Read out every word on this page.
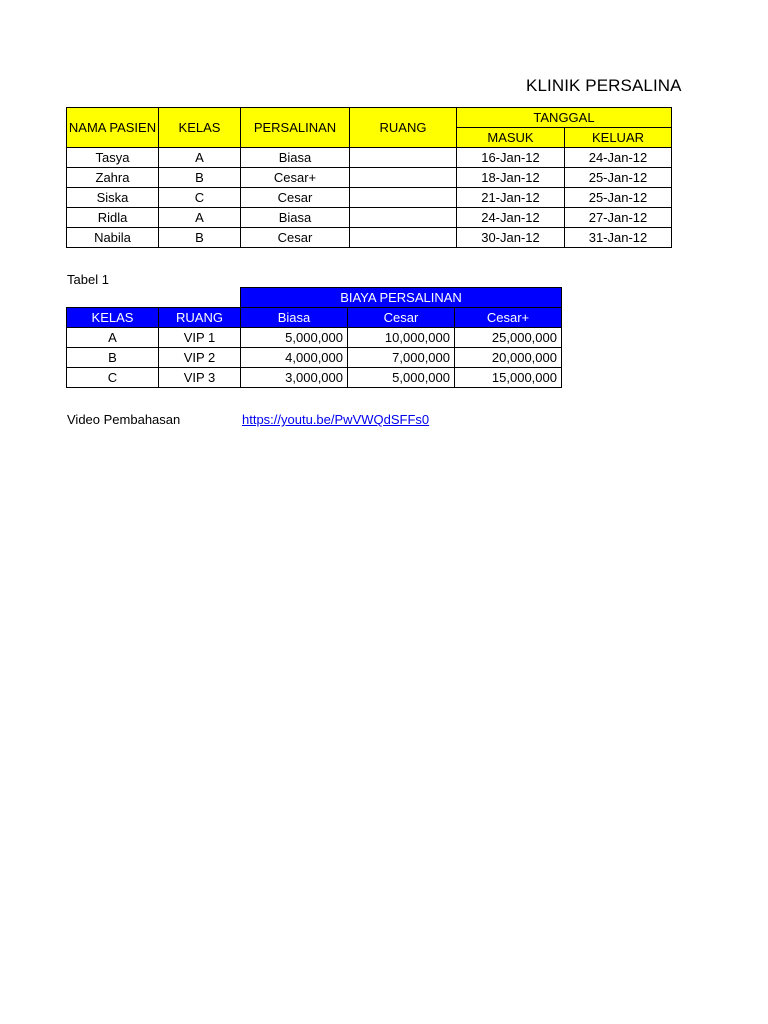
KLINIK PERSALINA
NAMA PASIEN	KELAS	PERSALINAN	RUANG	TANGGAL	
				MASUK	KELUAR
Tasya	A	Biasa		16-Jan-12	24-Jan-12
Zahra	B	Cesar+		18-Jan-12	25-Jan-12
Siska	C	Cesar		21-Jan-12	25-Jan-12
Ridla	A	Biasa		24-Jan-12	27-Jan-12
Nabila	B	Cesar		30-Jan-12	31-Jan-12
Tabel 1
		BIAYA PERSALINAN		
KELAS	RUANG	Biasa	Cesar	Cesar+
A	VIP 1	5,000,000	10,000,000	25,000,000
B	VIP 2	4,000,000	7,000,000	20,000,000
C	VIP 3	3,000,000	5,000,000	15,000,000
Video Pembahasan	https://youtu.be/PwVWQdSFFs0
